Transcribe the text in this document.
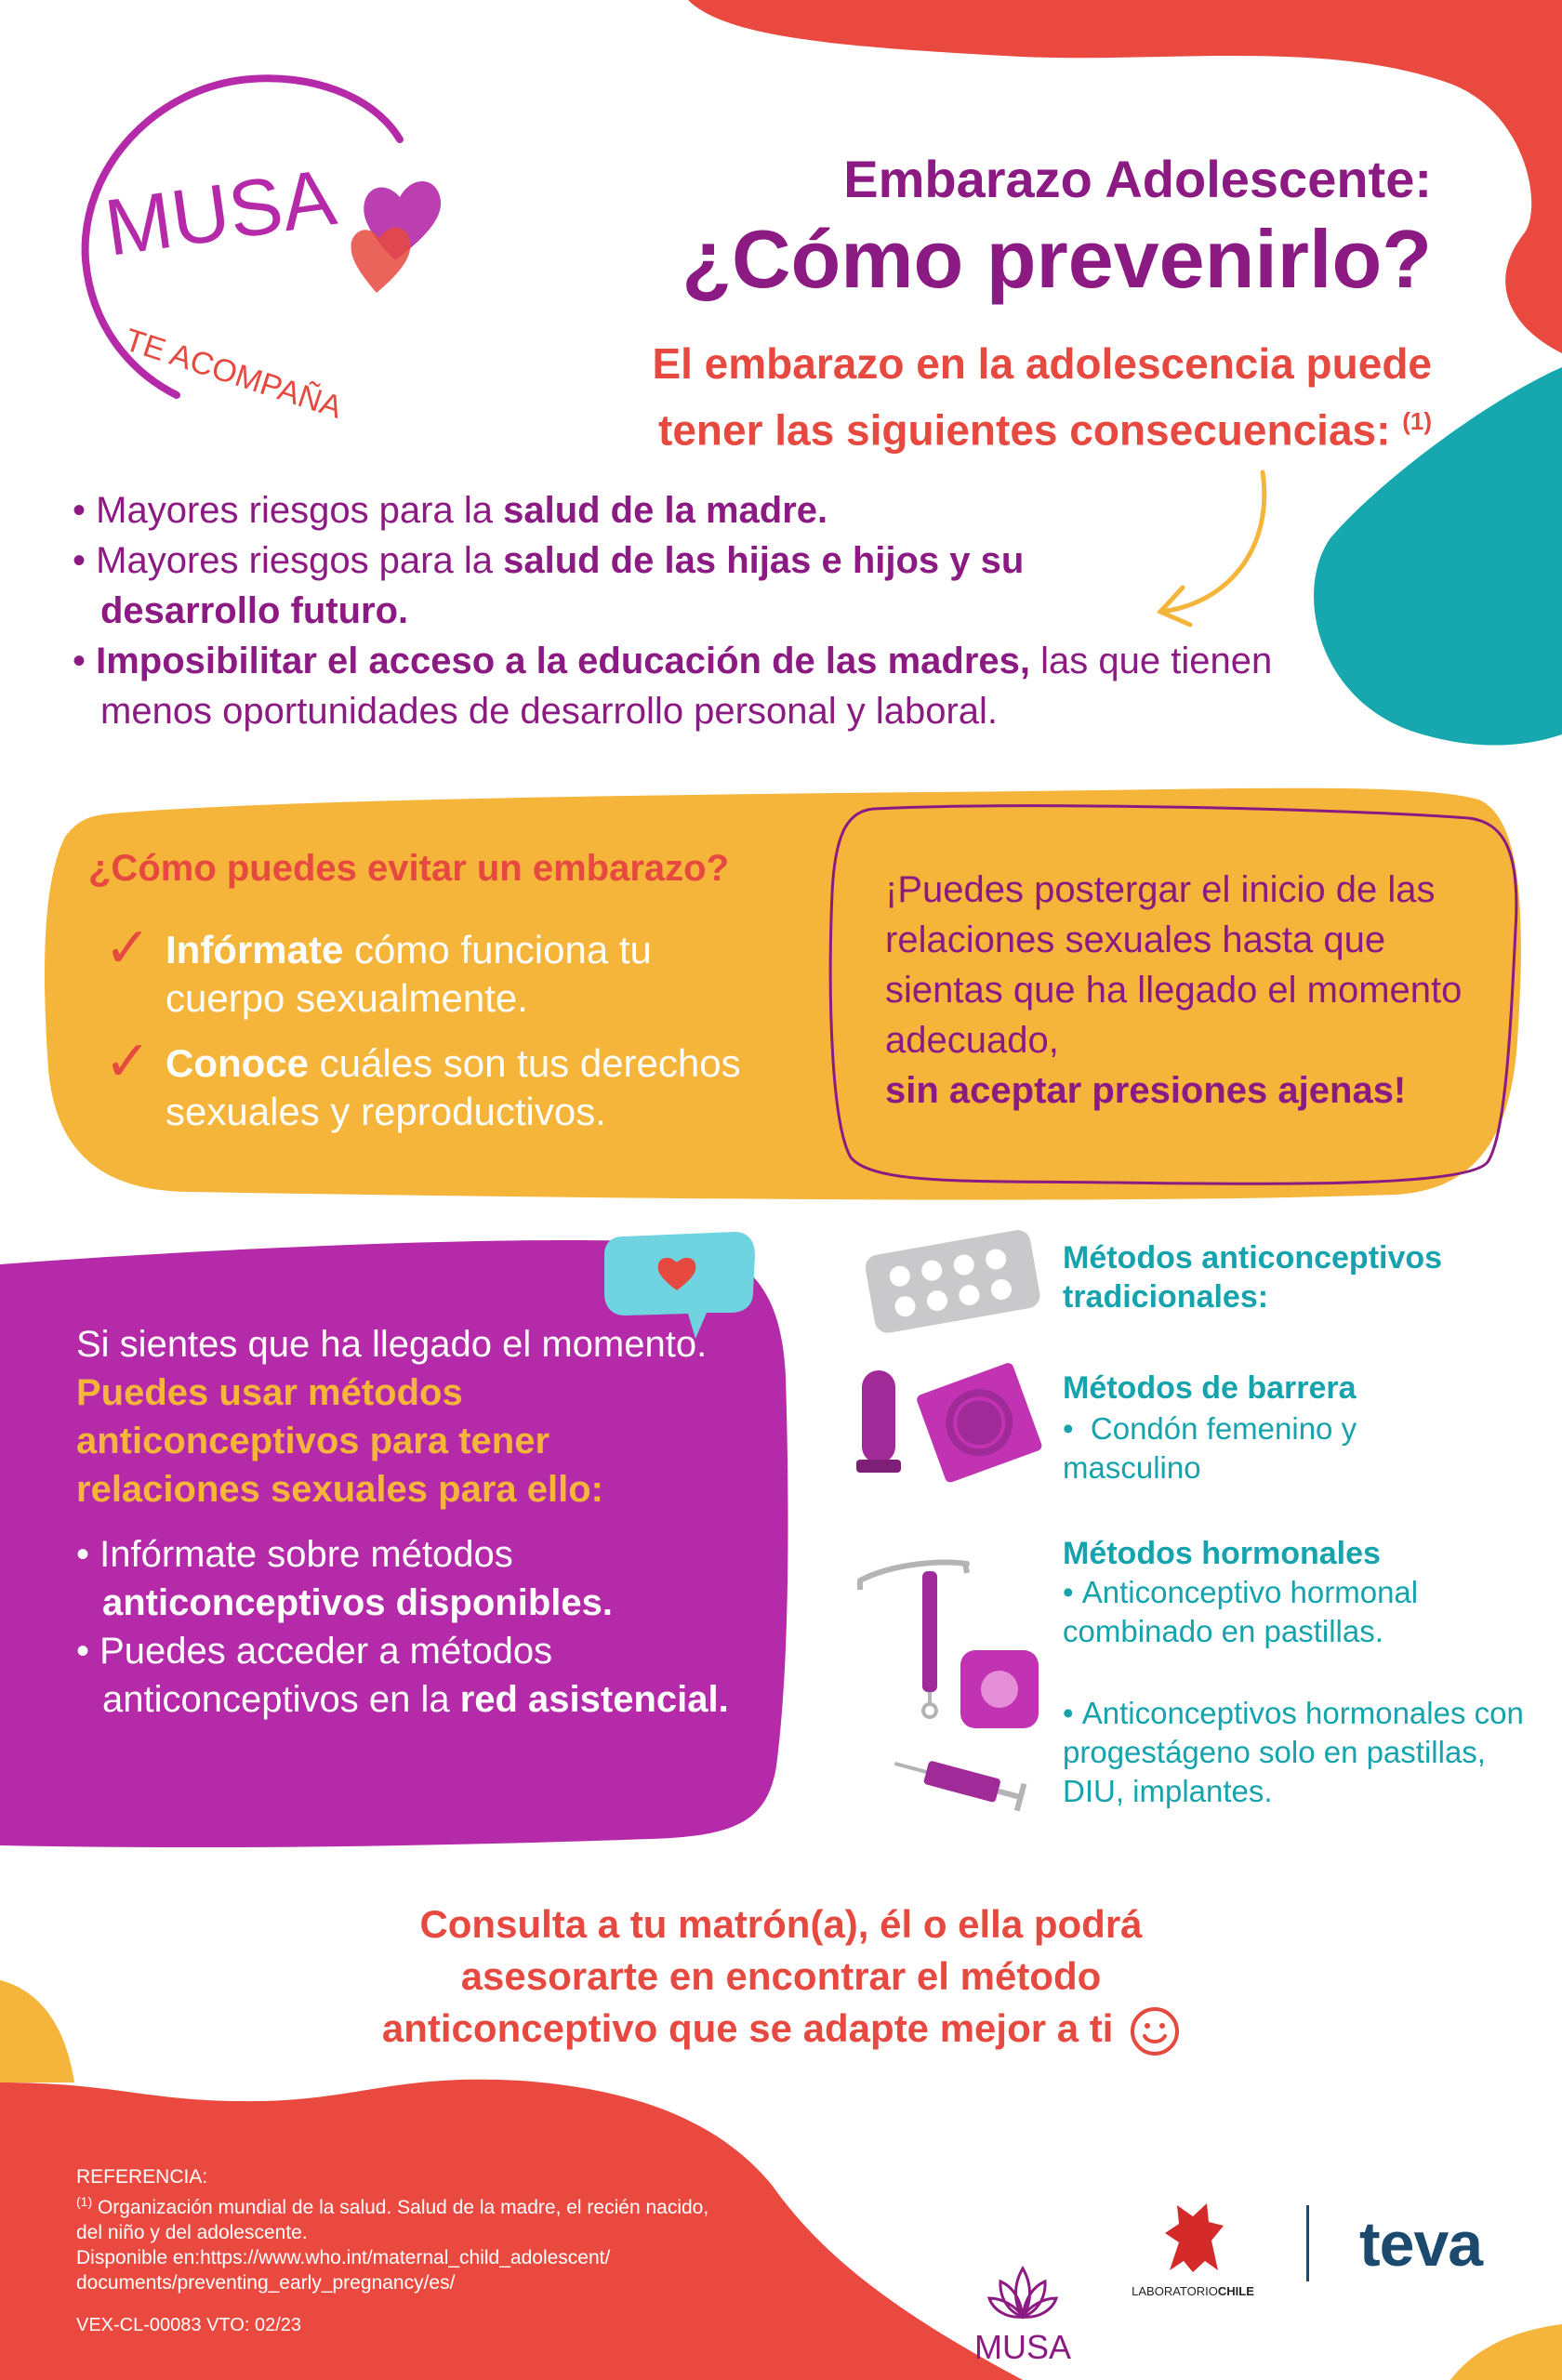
MUSA
TE ACOMPAÑA
Embarazo Adolescente:
¿Cómo prevenirlo?
El embarazo en la adolescencia puede
tener las siguientes consecuencias: $^{(1)}$
• Mayores riesgos para la salud de la madre.
• Mayores riesgos para la salud de las hijas e hijos y su desarrollo futuro.
• Imposibilitar el acceso a la educación de las madres, las que tienen menos oportunidades de desarrollo personal y laboral.
¿Cómo puedes evitar un embarazo?
✓ Infórmate cómo funciona tu cuerpo sexualmente.
✓ Conoce cuáles son tus derechos sexuales y reproductivos.
¡Puedes postergar el inicio de las relaciones sexuales hasta que sientas que ha llegado el momento adecuado,
sin aceptar presiones ajenas!
Si sientes que ha llegado el momento. Puedes usar métodos anticonceptivos para tener relaciones sexuales para ello:
• Infórmate sobre métodos anticonceptivos disponibles.
• Puedes acceder a métodos anticonceptivos en la red asistencial.
Métodos anticonceptivos tradicionales:
Métodos de barrera
•  Condón femenino y masculino
Métodos hormonales
• Anticonceptivo hormonal combinado en pastillas.
• Anticonceptivos hormonales con progestágeno solo en pastillas, DIU, implantes.
Consulta a tu matrón(a), él o ella podrá
asesorarte en encontrar el método
anticonceptivo que se adapte mejor a ti
REFERENCIA:
$^{(1)}$ Organización mundial de la salud. Salud de la madre, el recién nacido,
del niño y del adolescente.
Disponible en:https://www.who.int/maternal_child_adolescent/
documents/preventing_early_pregnancy/es/
VEX-CL-00083 VTO: 02/23
MUSA
LABORATORIOCHILE
teva
